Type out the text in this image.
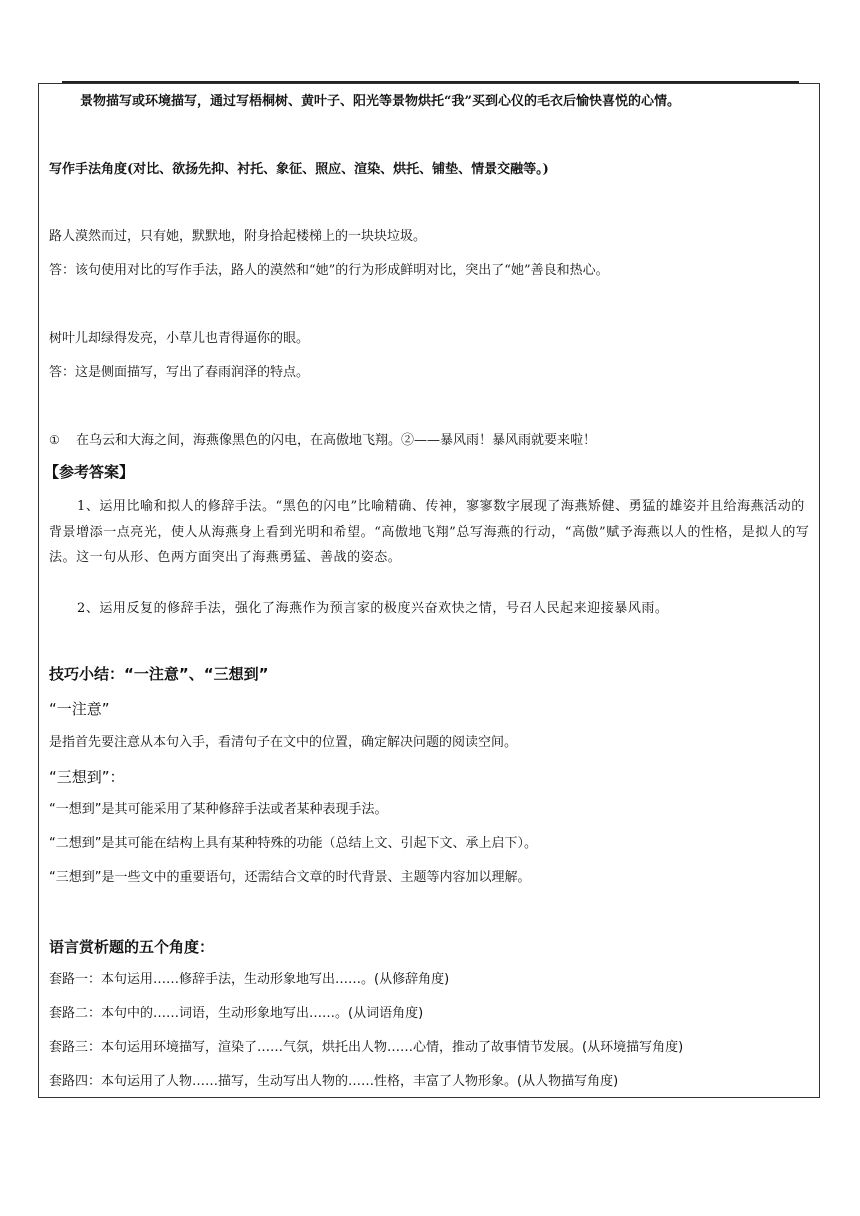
景物描写或环境描写，通过写梧桐树、黄叶子、阳光等景物烘托“我”买到心仪的毛衣后愉快喜悦的心情。
写作手法角度(对比、欲扬先抑、衬托、象征、照应、渲染、烘托、铺垫、情景交融等。)
路人漠然而过，只有她，默默地，附身拾起楼梯上的一块块垃圾。
答：该句使用对比的写作手法，路人的漠然和“她”的行为形成鲜明对比，突出了“她”善良和热心。
树叶儿却绿得发亮，小草儿也青得逼你的眼。
答：这是侧面描写，写出了春雨润泽的特点。
① 在乌云和大海之间，海燕像黑色的闪电，在高傲地飞翔。②——暴风雨！暴风雨就要来啦！
【参考答案】
1、运用比喻和拟人的修辞手法。“黑色的闪电”比喻精确、传神，寥寥数字展现了海燕矫健、勇猛的雄姿并且给海燕活动的背景增添一点亮光，使人从海燕身上看到光明和希望。“高傲地飞翔”总写海燕的行动，“高傲”赋予海燕以人的性格，是拟人的写法。这一句从形、色两方面突出了海燕勇猛、善战的姿态。
2、运用反复的修辞手法，强化了海燕作为预言家的极度兴奋欢快之情，号召人民起来迎接暴风雨。
技巧小结：“一注意”、“三想到”
“一注意”
是指首先要注意从本句入手，看清句子在文中的位置，确定解决问题的阅读空间。
“三想到”：
“一想到”是其可能采用了某种修辞手法或者某种表现手法。
“二想到”是其可能在结构上具有某种特殊的功能（总结上文、引起下文、承上启下）。
“三想到”是一些文中的重要语句，还需结合文章的时代背景、主题等内容加以理解。
语言赏析题的五个角度：
套路一：本句运用……修辞手法，生动形象地写出……。(从修辞角度)
套路二：本句中的……词语，生动形象地写出……。(从词语角度)
套路三：本句运用环境描写，渲染了……气氛，烘托出人物……心情，推动了故事情节发展。(从环境描写角度)
套路四：本句运用了人物……描写，生动写出人物的……性格，丰富了人物形象。(从人物描写角度)
